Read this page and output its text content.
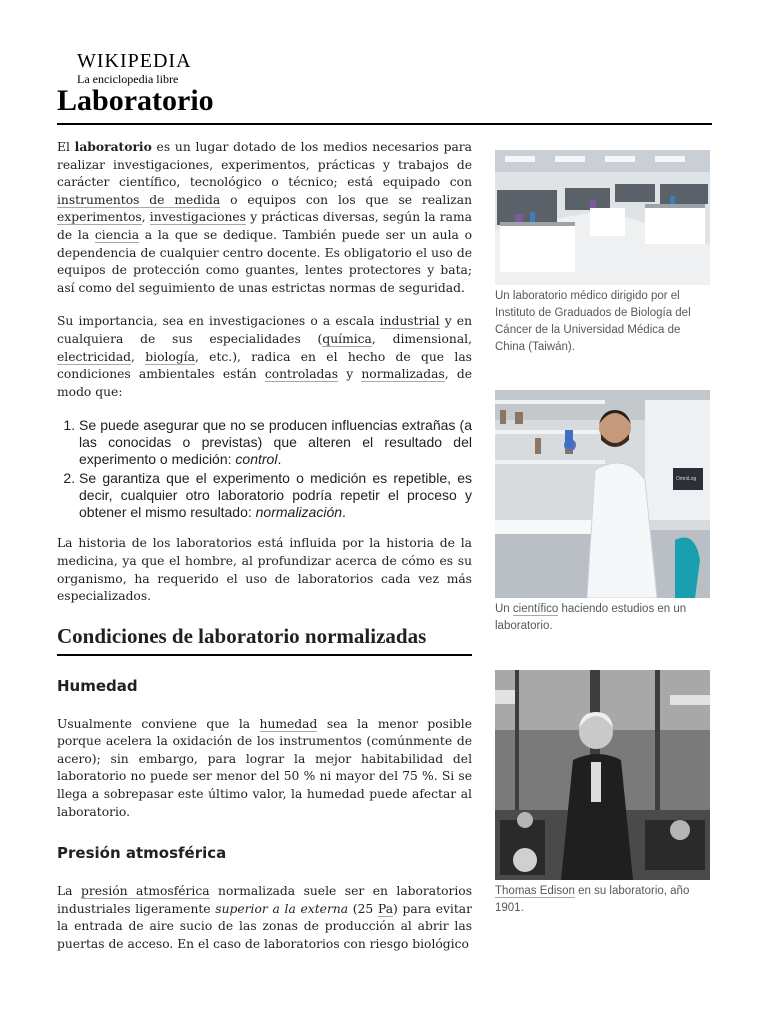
WIKIPEDIA
La enciclopedia libre
Laboratorio

El laboratorio es un lugar dotado de los medios necesarios para realizar investigaciones, experimentos, prácticas y trabajos de carácter científico, tecnológico o técnico; está equipado con instrumentos de medida o equipos con los que se realizan experimentos, investigaciones y prácticas diversas, según la rama de la ciencia a la que se dedique. También puede ser un aula o dependencia de cualquier centro docente. Es obligatorio el uso de equipos de protección como guantes, lentes protectores y bata; así como del seguimiento de unas estrictas normas de seguridad.

Su importancia, sea en investigaciones o a escala industrial y en cualquiera de sus especialidades (química, dimensional, electricidad, biología, etc.), radica en el hecho de que las condiciones ambientales están controladas y normalizadas, de modo que:

1. Se puede asegurar que no se producen influencias extrañas (a las conocidas o previstas) que alteren el resultado del experimento o medición: control.
2. Se garantiza que el experimento o medición es repetible, es decir, cualquier otro laboratorio podría repetir el proceso y obtener el mismo resultado: normalización.

La historia de los laboratorios está influida por la historia de la medicina, ya que el hombre, al profundizar acerca de cómo es su organismo, ha requerido el uso de laboratorios cada vez más especializados.

Condiciones de laboratorio normalizadas
Humedad

Usualmente conviene que la humedad sea la menor posible porque acelera la oxidación de los instrumentos (comúnmente de acero); sin embargo, para lograr la mejor habitabilidad del laboratorio no puede ser menor del 50 % ni mayor del 75 %. Si se llega a sobrepasar este último valor, la humedad puede afectar al laboratorio.

Presión atmosférica

La presión atmosférica normalizada suele ser en laboratorios industriales ligeramente superior a la externa (25 Pa) para evitar la entrada de aire sucio de las zonas de producción al abrir las puertas de acceso. En el caso de laboratorios con riesgo biológico

Un laboratorio médico dirigido por el Instituto de Graduados de Biología del Cáncer de la Universidad Médica de China (Taiwán).
OmniLog
Un científico haciendo estudios en un laboratorio.
Thomas Edison en su laboratorio, año 1901.
